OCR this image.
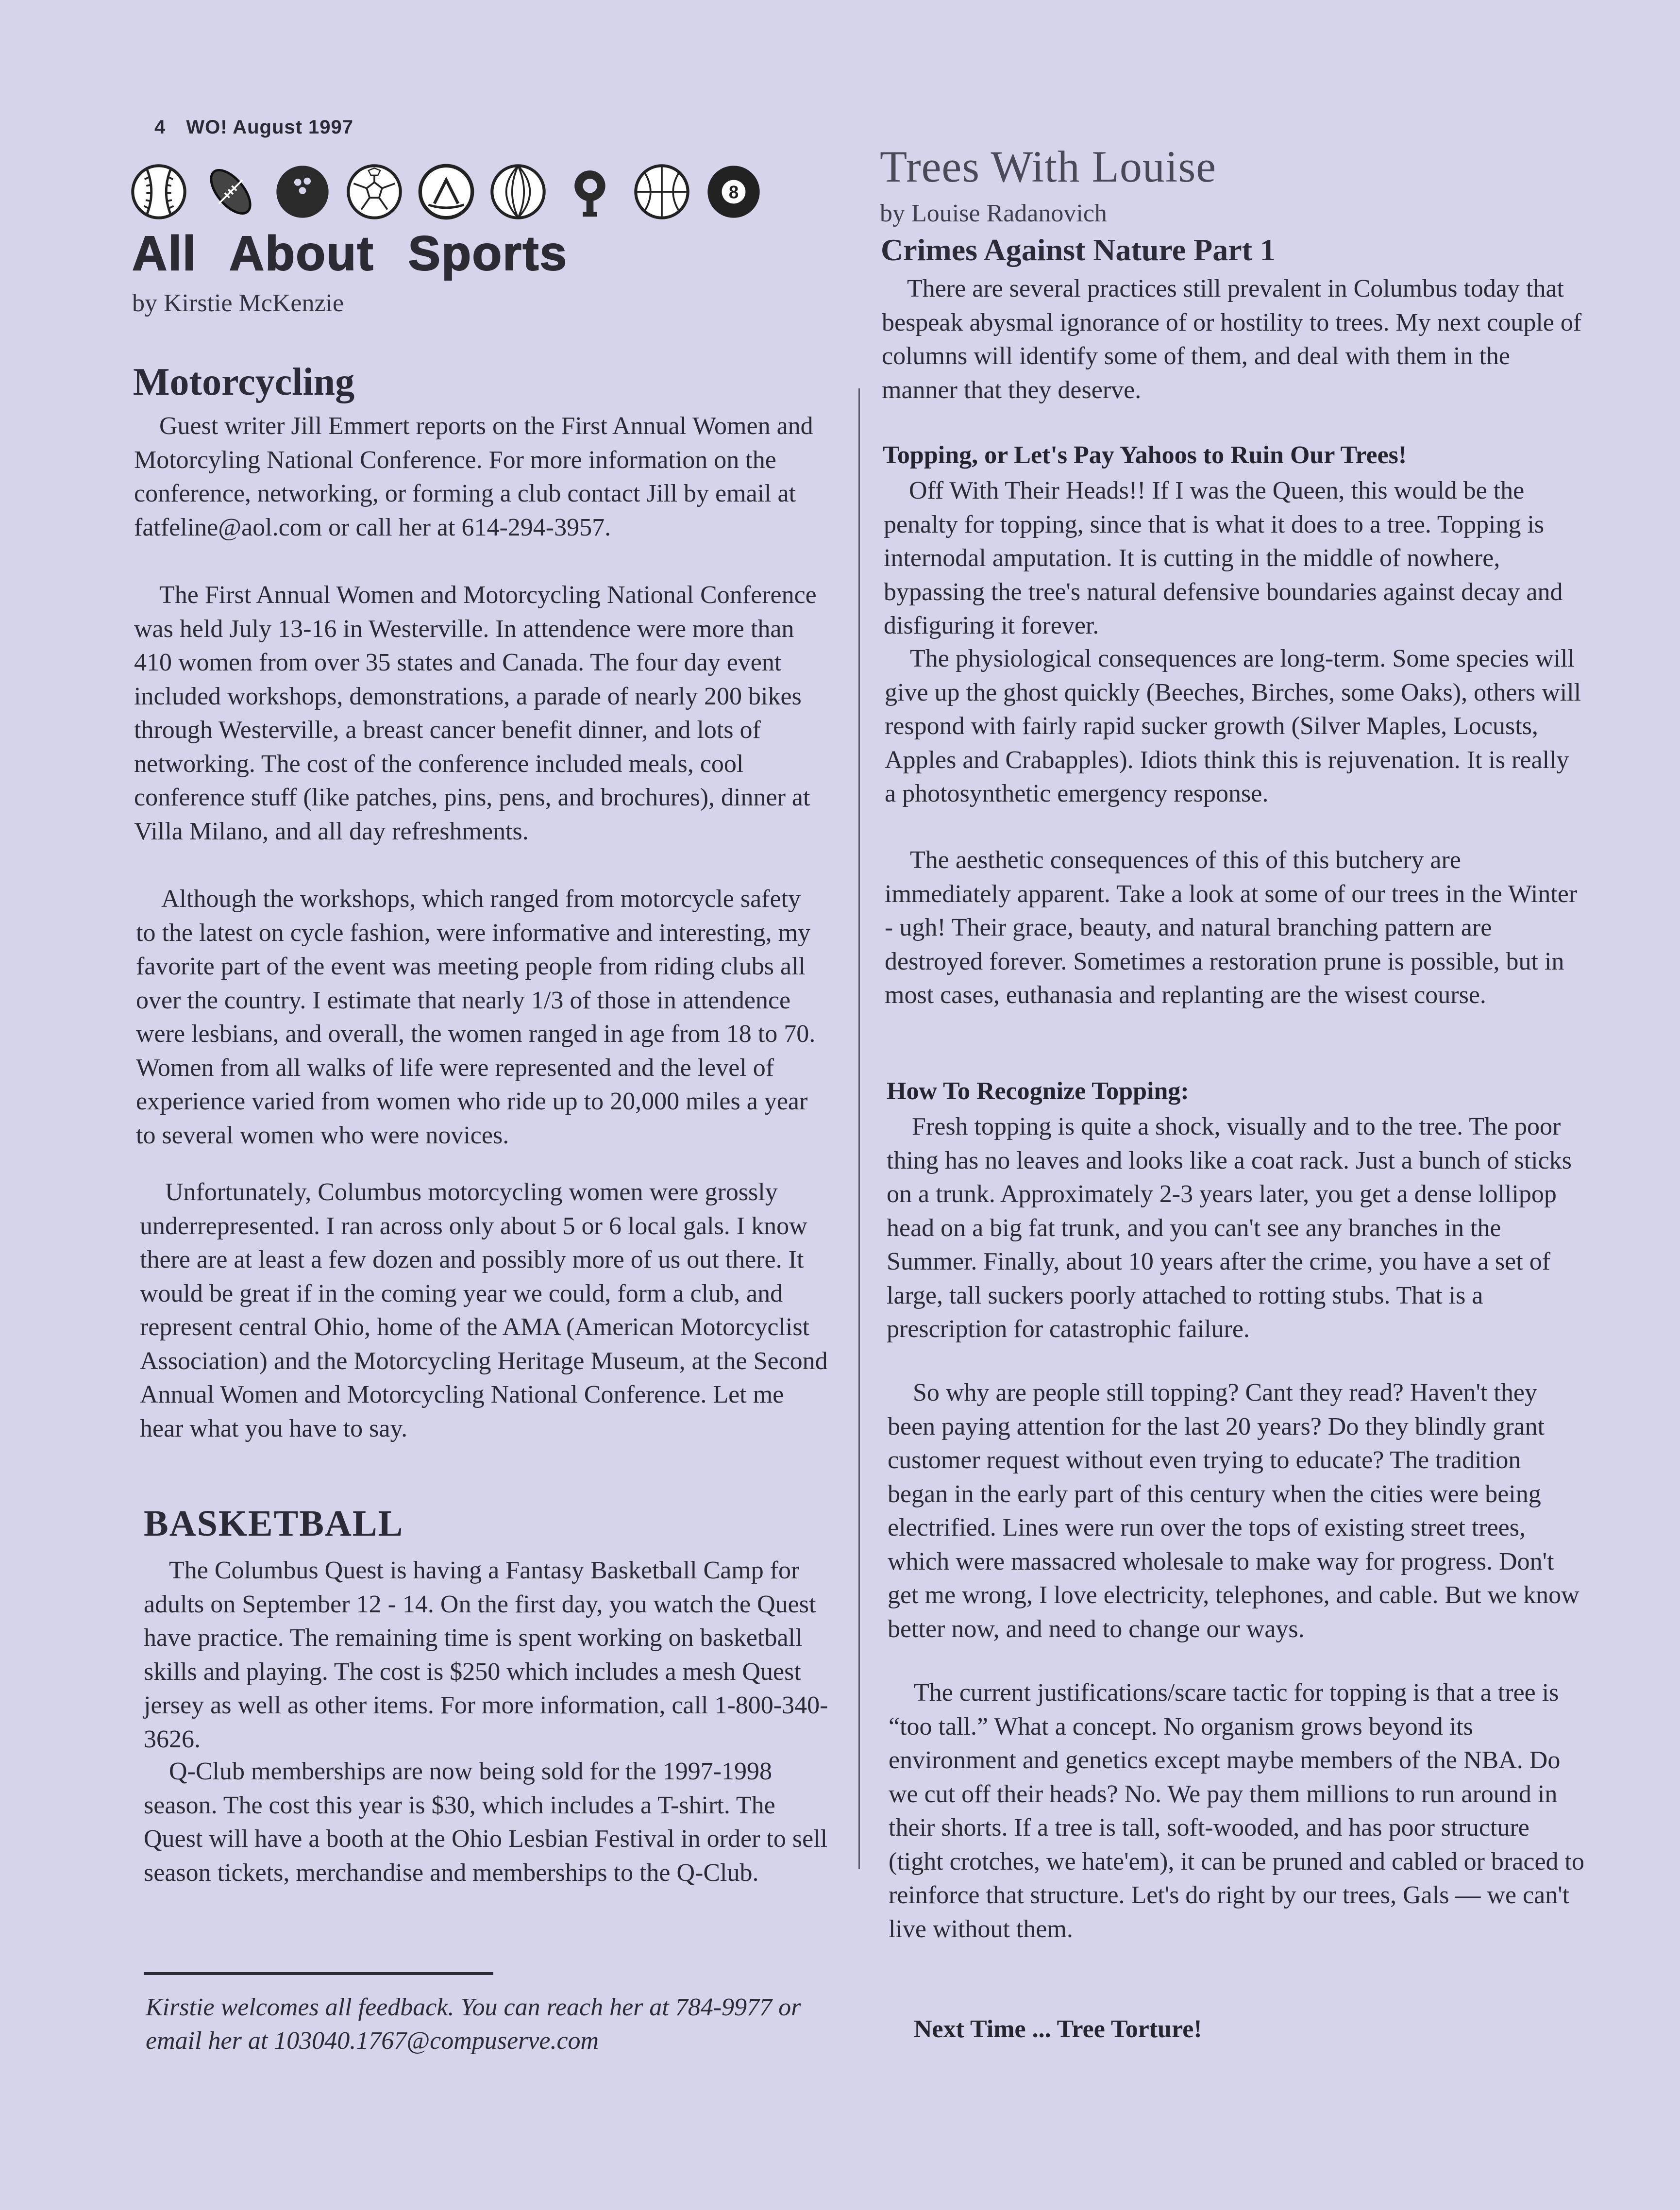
4 WO! August 1997
8
All About Sports
by Kirstie McKenzie
Motorcycling

Guest writer Jill Emmert reports on the First Annual Women and Motorcyling National Conference. For more information on the conference, networking, or forming a club contact Jill by email at fatfeline@aol.com or call her at 614-294-3957.

The First Annual Women and Motorcycling National Conference was held July 13-16 in Westerville. In attendence were more than 410 women from over 35 states and Canada. The four day event included workshops, demonstrations, a parade of nearly 200 bikes through Westerville, a breast cancer benefit dinner, and lots of networking. The cost of the conference included meals, cool conference stuff (like patches, pins, pens, and brochures), dinner at Villa Milano, and all day refreshments.

Although the workshops, which ranged from motorcycle safety to the latest on cycle fashion, were informative and interesting, my favorite part of the event was meeting people from riding clubs all over the country. I estimate that nearly 1/3 of those in attendence were lesbians, and overall, the women ranged in age from 18 to 70. Women from all walks of life were represented and the level of experience varied from women who ride up to 20,000 miles a year to several women who were novices.

Unfortunately, Columbus motorcycling women were grossly underrepresented. I ran across only about 5 or 6 local gals. I know there are at least a few dozen and possibly more of us out there. It would be great if in the coming year we could, form a club, and represent central Ohio, home of the AMA (American Motorcyclist Association) and the Motorcycling Heritage Museum, at the Second Annual Women and Motorcycling National Conference. Let me hear what you have to say.

BASKETBALL

The Columbus Quest is having a Fantasy Basketball Camp for adults on September 12 - 14. On the first day, you watch the Quest have practice. The remaining time is spent working on basketball skills and playing. The cost is $250 which includes a mesh Quest jersey as well as other items. For more information, call 1-800-340-3626.

Q-Club memberships are now being sold for the 1997-1998 season. The cost this year is $30, which includes a T-shirt. The Quest will have a booth at the Ohio Lesbian Festival in order to sell season tickets, merchandise and memberships to the Q-Club.

Kirstie welcomes all feedback. You can reach her at 784-9977 or email her at 103040.1767@compuserve.com

Trees With Louise
by Louise Radanovich
Crimes Against Nature Part 1

There are several practices still prevalent in Columbus today that bespeak abysmal ignorance of or hostility to trees. My next couple of columns will identify some of them, and deal with them in the manner that they deserve.

Topping, or Let's Pay Yahoos to Ruin Our Trees!

Off With Their Heads!! If I was the Queen, this would be the penalty for topping, since that is what it does to a tree. Topping is internodal amputation. It is cutting in the middle of nowhere, bypassing the tree's natural defensive boundaries against decay and disfiguring it forever.

The physiological consequences are long-term. Some species will give up the ghost quickly (Beeches, Birches, some Oaks), others will respond with fairly rapid sucker growth (Silver Maples, Locusts, Apples and Crabapples). Idiots think this is rejuvenation. It is really a photosynthetic emergency response.

The aesthetic consequences of this of this butchery are immediately apparent. Take a look at some of our trees in the Winter - ugh! Their grace, beauty, and natural branching pattern are destroyed forever. Sometimes a restoration prune is possible, but in most cases, euthanasia and replanting are the wisest course.

How To Recognize Topping:

Fresh topping is quite a shock, visually and to the tree. The poor thing has no leaves and looks like a coat rack. Just a bunch of sticks on a trunk. Approximately 2-3 years later, you get a dense lollipop head on a big fat trunk, and you can't see any branches in the Summer. Finally, about 10 years after the crime, you have a set of large, tall suckers poorly attached to rotting stubs. That is a prescription for catastrophic failure.

So why are people still topping? Cant they read? Haven't they been paying attention for the last 20 years? Do they blindly grant customer request without even trying to educate? The tradition began in the early part of this century when the cities were being electrified. Lines were run over the tops of existing street trees, which were massacred wholesale to make way for progress. Don't get me wrong, I love electricity, telephones, and cable. But we know better now, and need to change our ways.

The current justifications/scare tactic for topping is that a tree is “too tall.” What a concept. No organism grows beyond its environment and genetics except maybe members of the NBA. Do we cut off their heads? No. We pay them millions to run around in their shorts. If a tree is tall, soft-wooded, and has poor structure (tight crotches, we hate'em), it can be pruned and cabled or braced to reinforce that structure. Let's do right by our trees, Gals — we can't live without them.

Next Time ... Tree Torture!
